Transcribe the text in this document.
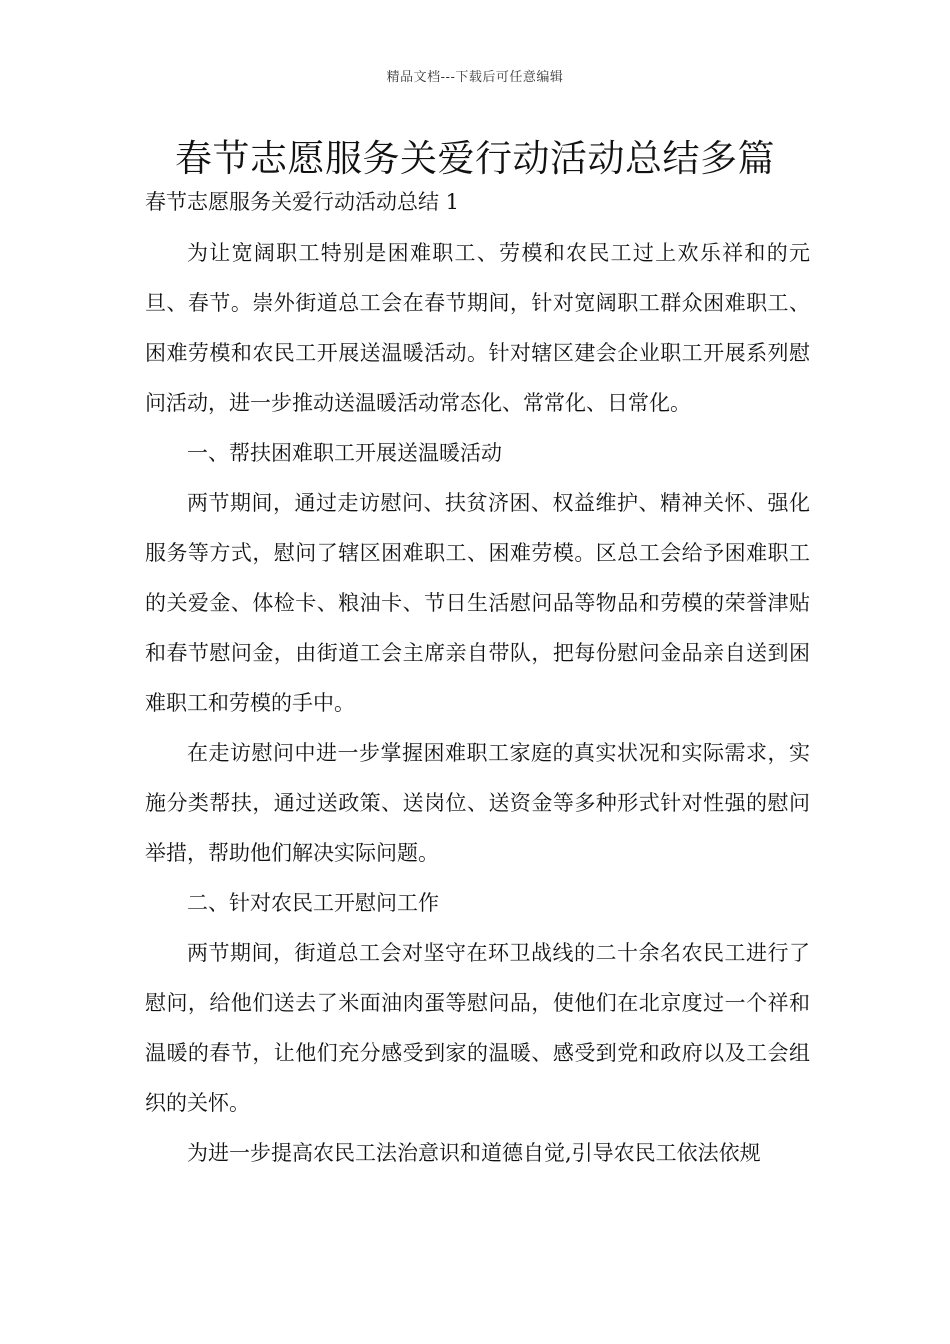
精品文档---下载后可任意编辑
春节志愿服务关爱行动活动总结多篇
春节志愿服务关爱行动活动总结 1

为让宽阔职工特别是困难职工、劳模和农民工过上欢乐祥和的元旦、春节。崇外街道总工会在春节期间，针对宽阔职工群众困难职工、困难劳模和农民工开展送温暖活动。针对辖区建会企业职工开展系列慰问活动，进一步推动送温暖活动常态化、常常化、日常化。

一、帮扶困难职工开展送温暖活动

两节期间，通过走访慰问、扶贫济困、权益维护、精神关怀、强化服务等方式，慰问了辖区困难职工、困难劳模。区总工会给予困难职工的关爱金、体检卡、粮油卡、节日生活慰问品等物品和劳模的荣誉津贴和春节慰问金，由街道工会主席亲自带队，把每份慰问金品亲自送到困难职工和劳模的手中。

在走访慰问中进一步掌握困难职工家庭的真实状况和实际需求，实施分类帮扶，通过送政策、送岗位、送资金等多种形式针对性强的慰问举措，帮助他们解决实际问题。

二、针对农民工开慰问工作

两节期间，街道总工会对坚守在环卫战线的二十余名农民工进行了慰问，给他们送去了米面油肉蛋等慰问品，使他们在北京度过一个祥和温暖的春节，让他们充分感受到家的温暖、感受到党和政府以及工会组织的关怀。

为进一步提高农民工法治意识和道德自觉,引导农民工依法依规
